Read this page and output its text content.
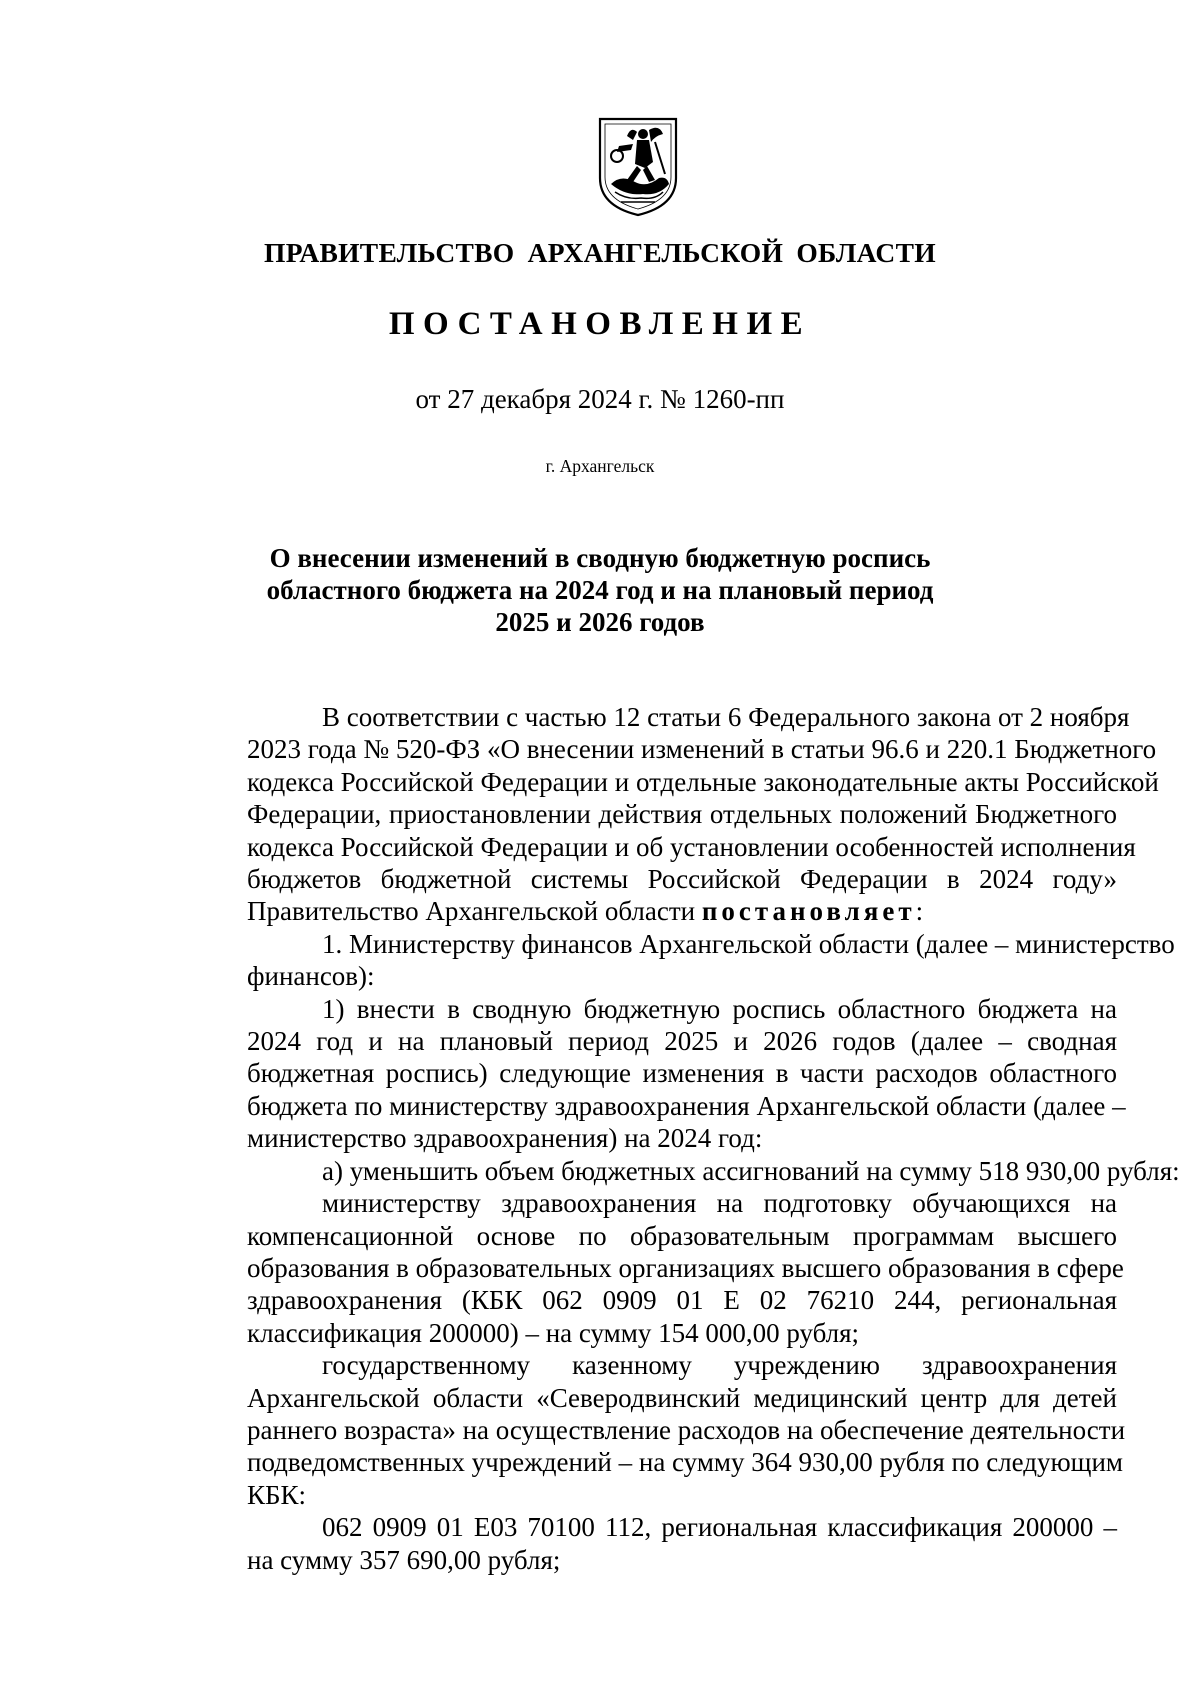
ПРАВИТЕЛЬСТВО АРХАНГЕЛЬСКОЙ ОБЛАСТИ
ПОСТАНОВЛЕНИЕ
от 27 декабря 2024 г. № 1260-пп
г. Архангельск
О внесении изменений в сводную бюджетную роспись
областного бюджета на 2024 год и на плановый период
2025 и 2026 годов

В соответствии с частью 12 статьи 6 Федерального закона от 2 ноября
2023 года № 520-ФЗ «О внесении изменений в статьи 96.6 и 220.1 Бюджетного
кодекса Российской Федерации и отдельные законодательные акты Российской
Федерации, приостановлении действия отдельных положений Бюджетного
кодекса Российской Федерации и об установлении особенностей исполнения
бюджетов бюджетной системы Российской Федерации в 2024 году»
Правительство Архангельской области постановляет:

1. Министерству финансов Архангельской области (далее – министерство
финансов):

1) внести в сводную бюджетную роспись областного бюджета на
2024 год и на плановый период 2025 и 2026 годов (далее – сводная
бюджетная роспись) следующие изменения в части расходов областного
бюджета по министерству здравоохранения Архангельской области (далее –
министерство здравоохранения) на 2024 год:

а) уменьшить объем бюджетных ассигнований на сумму 518 930,00 рубля:

министерству здравоохранения на подготовку обучающихся на
компенсационной основе по образовательным программам высшего
образования в образовательных организациях высшего образования в сфере
здравоохранения (КБК 062 0909 01 Е 02 76210 244, региональная
классификация 200000) – на сумму 154 000,00 рубля;

государственному казенному учреждению здравоохранения
Архангельской области «Северодвинский медицинский центр для детей
раннего возраста» на осуществление расходов на обеспечение деятельности
подведомственных учреждений – на сумму 364 930,00 рубля по следующим
КБК:

062 0909 01 Е03 70100 112, региональная классификация 200000 –
на сумму 357 690,00 рубля;
